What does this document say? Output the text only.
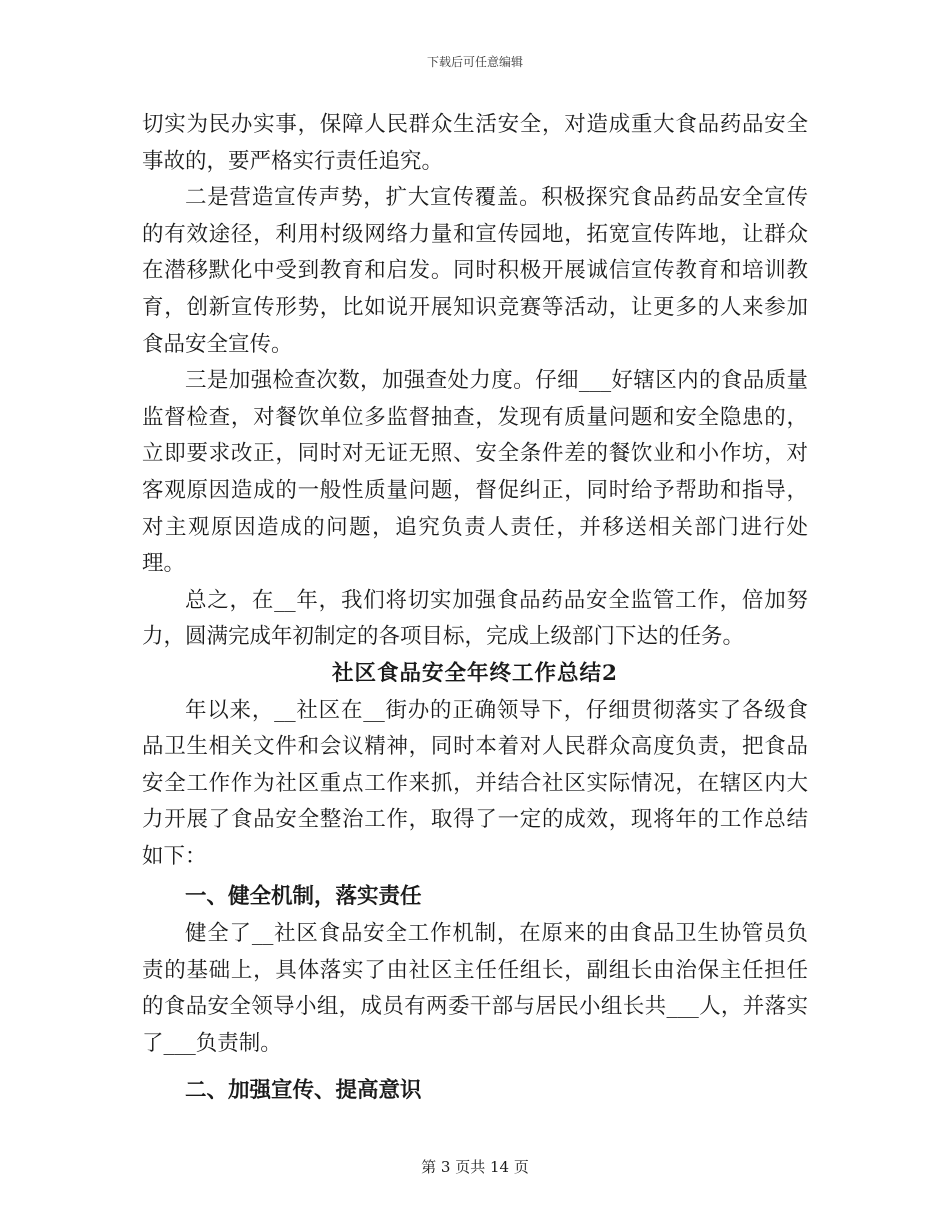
下载后可任意编辑

切实为民办实事，保障人民群众生活安全，对造成重大食品药品安全事故的，要严格实行责任追究。

二是营造宣传声势，扩大宣传覆盖。积极探究食品药品安全宣传的有效途径，利用村级网络力量和宣传园地，拓宽宣传阵地，让群众在潜移默化中受到教育和启发。同时积极开展诚信宣传教育和培训教育，创新宣传形势，比如说开展知识竞赛等活动，让更多的人来参加食品安全宣传。

三是加强检查次数，加强查处力度。仔细___好辖区内的食品质量监督检查，对餐饮单位多监督抽查，发现有质量问题和安全隐患的，立即要求改正，同时对无证无照、安全条件差的餐饮业和小作坊，对客观原因造成的一般性质量问题，督促纠正，同时给予帮助和指导，对主观原因造成的问题，追究负责人责任，并移送相关部门进行处理。

总之，在__年，我们将切实加强食品药品安全监管工作，倍加努力，圆满完成年初制定的各项目标，完成上级部门下达的任务。

社区食品安全年终工作总结2

年以来，__社区在__街办的正确领导下，仔细贯彻落实了各级食品卫生相关文件和会议精神，同时本着对人民群众高度负责，把食品安全工作作为社区重点工作来抓，并结合社区实际情况，在辖区内大力开展了食品安全整治工作，取得了一定的成效，现将年的工作总结如下：

一、健全机制，落实责任

健全了__社区食品安全工作机制，在原来的由食品卫生协管员负责的基础上，具体落实了由社区主任任组长，副组长由治保主任担任的食品安全领导小组，成员有两委干部与居民小组长共___人，并落实了___负责制。

二、加强宣传、提高意识
第 3 页共 14 页
